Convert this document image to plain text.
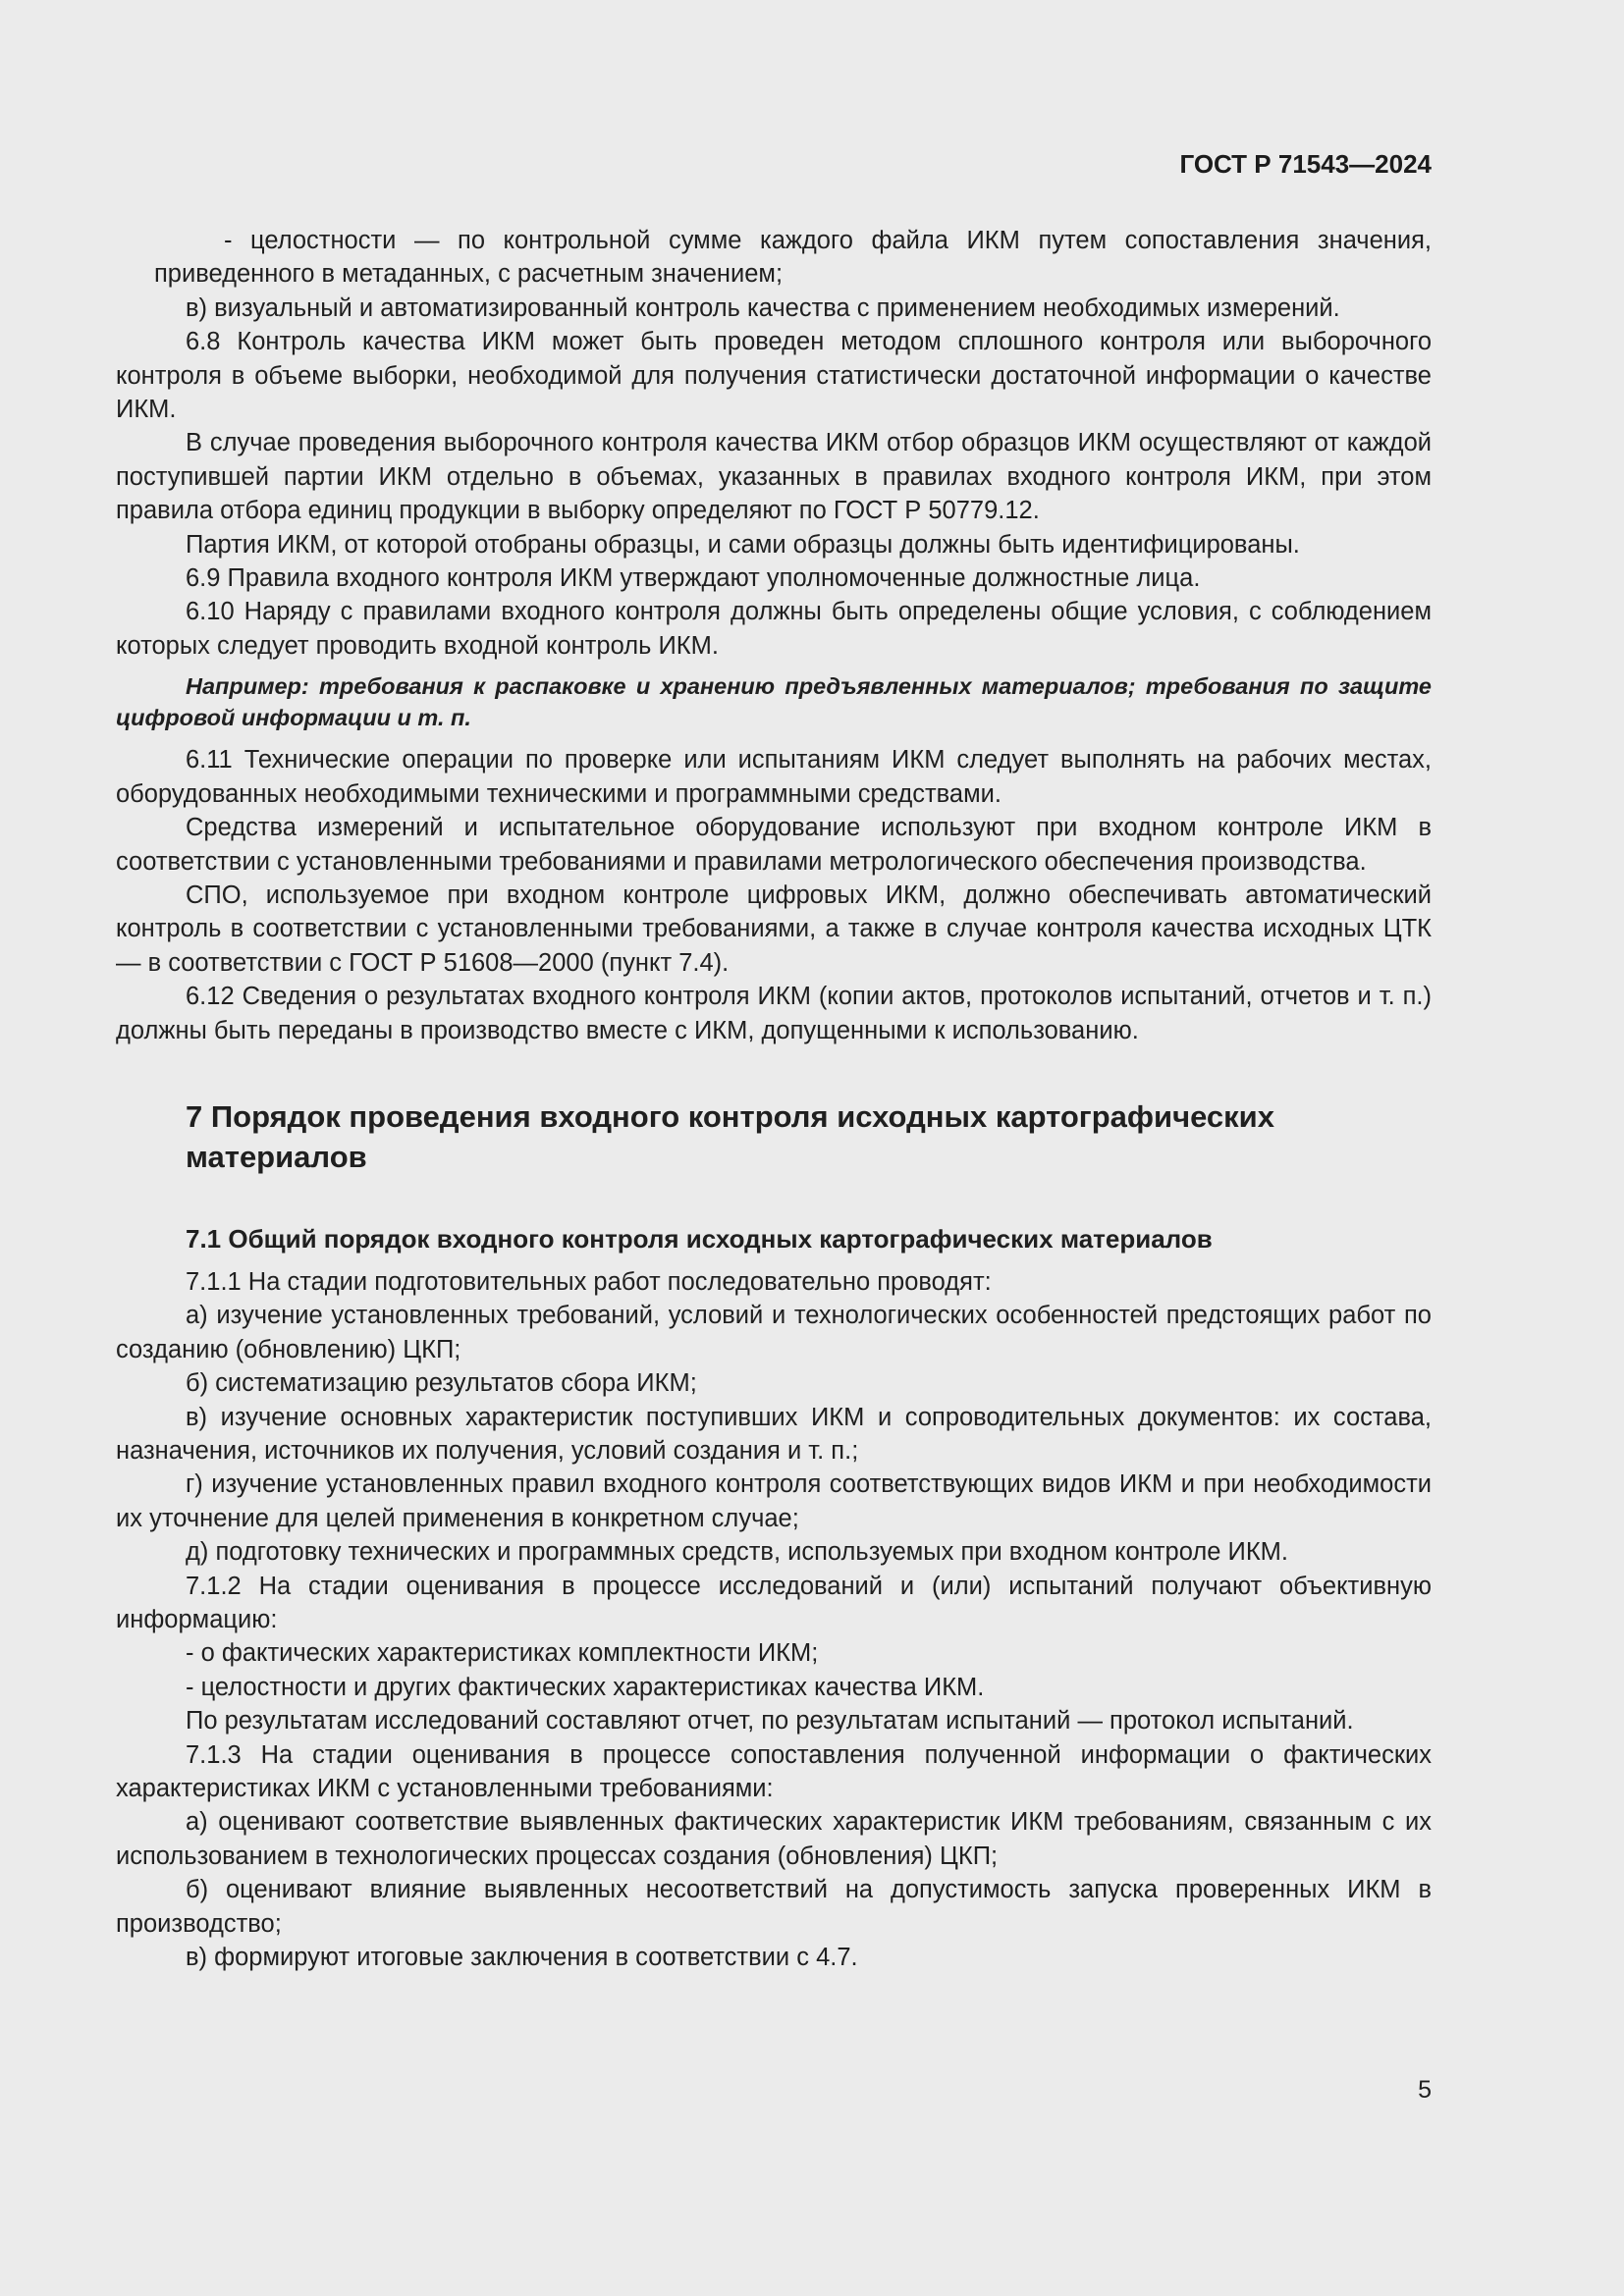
ГОСТ Р 71543—2024

- целостности — по контрольной сумме каждого файла ИКМ путем сопоставления значения, приведенного в метаданных, с расчетным значением;

в) визуальный и автоматизированный контроль качества с применением необходимых измерений.

6.8 Контроль качества ИКМ может быть проведен методом сплошного контроля или выборочного контроля в объеме выборки, необходимой для получения статистически достаточной информации о качестве ИКМ.

В случае проведения выборочного контроля качества ИКМ отбор образцов ИКМ осуществляют от каждой поступившей партии ИКМ отдельно в объемах, указанных в правилах входного контроля ИКМ, при этом правила отбора единиц продукции в выборку определяют по ГОСТ Р 50779.12.

Партия ИКМ, от которой отобраны образцы, и сами образцы должны быть идентифицированы.

6.9 Правила входного контроля ИКМ утверждают уполномоченные должностные лица.

6.10 Наряду с правилами входного контроля должны быть определены общие условия, с соблюдением которых следует проводить входной контроль ИКМ.

Например: требования к распаковке и хранению предъявленных материалов; требования по защите цифровой информации и т. п.

6.11 Технические операции по проверке или испытаниям ИКМ следует выполнять на рабочих местах, оборудованных необходимыми техническими и программными средствами.

Средства измерений и испытательное оборудование используют при входном контроле ИКМ в соответствии с установленными требованиями и правилами метрологического обеспечения производства.

СПО, используемое при входном контроле цифровых ИКМ, должно обеспечивать автоматический контроль в соответствии с установленными требованиями, а также в случае контроля качества исходных ЦТК — в соответствии с ГОСТ Р 51608—2000 (пункт 7.4).

6.12 Сведения о результатах входного контроля ИКМ (копии актов, протоколов испытаний, отчетов и т. п.) должны быть переданы в производство вместе с ИКМ, допущенными к использованию.

7 Порядок проведения входного контроля исходных картографических материалов
7.1 Общий порядок входного контроля исходных картографических материалов

7.1.1 На стадии подготовительных работ последовательно проводят:

а) изучение установленных требований, условий и технологических особенностей предстоящих работ по созданию (обновлению) ЦКП;

б) систематизацию результатов сбора ИКМ;

в) изучение основных характеристик поступивших ИКМ и сопроводительных документов: их состава, назначения, источников их получения, условий создания и т. п.;

г) изучение установленных правил входного контроля соответствующих видов ИКМ и при необходимости их уточнение для целей применения в конкретном случае;

д) подготовку технических и программных средств, используемых при входном контроле ИКМ.

7.1.2 На стадии оценивания в процессе исследований и (или) испытаний получают объективную информацию:

- о фактических характеристиках комплектности ИКМ;

- целостности и других фактических характеристиках качества ИКМ.

По результатам исследований составляют отчет, по результатам испытаний — протокол испытаний.

7.1.3 На стадии оценивания в процессе сопоставления полученной информации о фактических характеристиках ИКМ с установленными требованиями:

а) оценивают соответствие выявленных фактических характеристик ИКМ требованиям, связанным с их использованием в технологических процессах создания (обновления) ЦКП;

б) оценивают влияние выявленных несоответствий на допустимость запуска проверенных ИКМ в производство;

в) формируют итоговые заключения в соответствии с 4.7.

5
